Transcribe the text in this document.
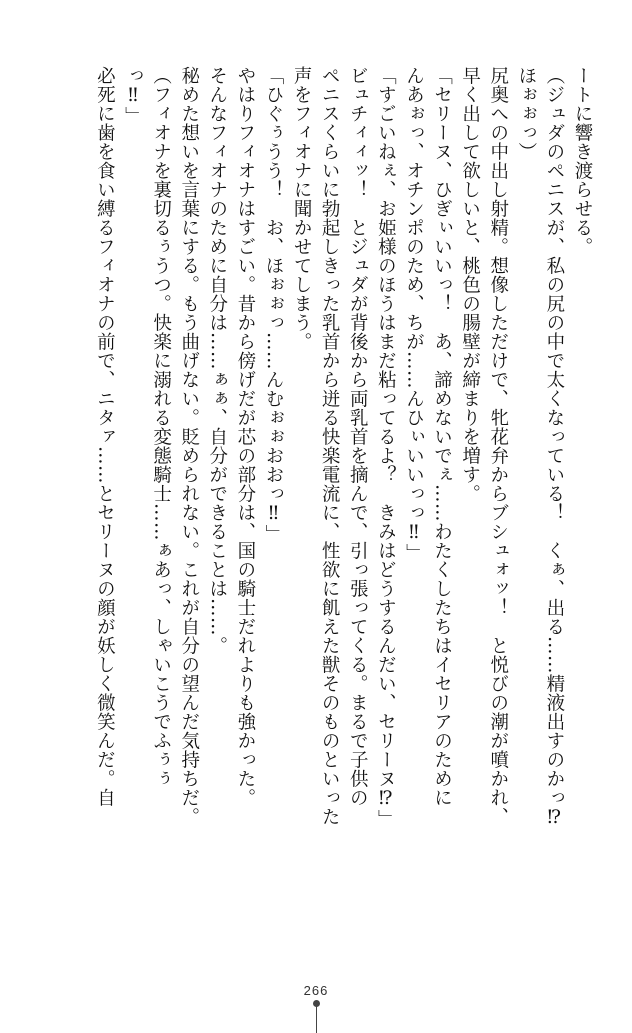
ートに響き渡らせる。
（ジュダのペニスが、私の尻の中で太くなっている！　くぁ、出る……精液出すのかっ⁉
ほぉぉっ）
尻奥への中出し射精。想像しただけで、牝花弁からブシュォッ！　と悦びの潮が噴かれ、
早く出して欲しいと、桃色の腸壁が締まりを増す。
「セリーヌ、ひぎぃいいっ！　あ、諦めないでぇ……わたくしたちはイセリアのために
んあぉっ、オチンポのため、ちが……んひぃいいっっ‼」
「すごいねぇ、お姫様のほうはまだ粘ってるよ？　きみはどうするんだい、セリーヌ⁉」
ビュチィィッ！　とジュダが背後から両乳首を摘んで、引っ張ってくる。まるで子供の
ペニスくらいに勃起しきった乳首から迸る快楽電流に、性欲に飢えた獣そのものといった
声をフィオナに聞かせてしまう。
「ひぐぅうう！　お、ほぉぉっ……んむぉぉおおっ‼」
やはりフィオナはすごい。昔から傍げだが芯の部分は、国の騎士だれよりも強かった。
そんなフィオナのために自分は……ぁぁ、自分ができることは……。
秘めた想いを言葉にする。もう曲げない。貶められない。これが自分の望んだ気持ちだ。
（フィオナを裏切るぅうつ。快楽に溺れる変態騎士……ぁあっ、しゃいこうでふぅぅ
っ‼」
必死に歯を食い縛るフィオナの前で、ニタァ……とセリーヌの顔が妖しく微笑んだ。自
266
